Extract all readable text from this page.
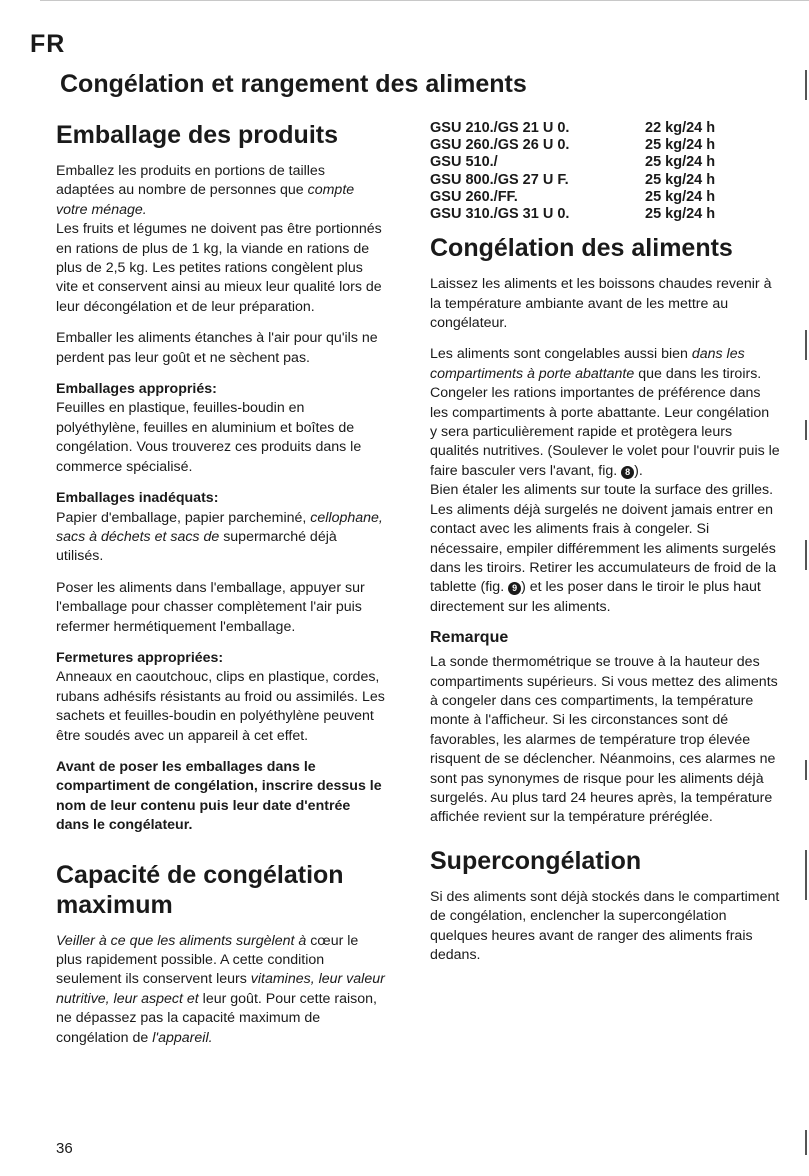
FR
Congélation et rangement des aliments
Emballage des produits

Emballez les produits en portions de tailles adaptées au nombre de personnes que compte votre ménage.
Les fruits et légumes ne doivent pas être portionnés en rations de plus de 1 kg, la viande en rations de plus de 2,5 kg. Les petites rations congèlent plus vite et conservent ainsi au mieux leur qualité lors de leur décongélation et de leur préparation.

Emballer les aliments étanches à l'air pour qu'ils ne perdent pas leur goût et ne sèchent pas.

Emballages appropriés:
Feuilles en plastique, feuilles-boudin en polyéthylène, feuilles en aluminium et boîtes de congélation. Vous trouverez ces produits dans le commerce spécialisé.

Emballages inadéquats:
Papier d'emballage, papier parcheminé, cellophane, sacs à déchets et sacs de supermarché déjà utilisés.

Poser les aliments dans l'emballage, appuyer sur l'emballage pour chasser complètement l'air puis refermer hermétiquement l'emballage.

Fermetures appropriées:
Anneaux en caoutchouc, clips en plastique, cordes, rubans adhésifs résistants au froid ou assimilés. Les sachets et feuilles-boudin en polyéthylène peuvent être soudés avec un appareil à cet effet.

Avant de poser les emballages dans le compartiment de congélation, inscrire dessus le nom de leur contenu puis leur date d'entrée dans le congélateur.

Capacité de congélation maximum

Veiller à ce que les aliments surgèlent à cœur le plus rapidement possible. A cette condition seulement ils conservent leurs vitamines, leur valeur nutritive, leur aspect et leur goût. Pour cette raison, ne dépassez pas la capacité maximum de congélation de l'appareil.

GSU 210./GS 21 U 0.	22 kg/24 h
GSU 260./GS 26 U 0.	25 kg/24 h
GSU 510./	25 kg/24 h
GSU 800./GS 27 U F.	25 kg/24 h
GSU 260./FF.	25 kg/24 h
GSU 310./GS 31 U 0.	25 kg/24 h
Congélation des aliments

Laissez les aliments et les boissons chaudes revenir à la température ambiante avant de les mettre au congélateur.

Les aliments sont congelables aussi bien dans les compartiments à porte abattante que dans les tiroirs.
Congeler les rations importantes de préférence dans les compartiments à porte abattante. Leur congélation y sera particulièrement rapide et protègera leurs qualités nutritives. (Soulever le volet pour l'ouvrir puis le faire basculer vers l'avant, fig. 8 ).
Bien étaler les aliments sur toute la surface des grilles.
Les aliments déjà surgelés ne doivent jamais entrer en contact avec les aliments frais à congeler. Si nécessaire, empiler différemment les aliments surgelés dans les tiroirs. Retirer les accumulateurs de froid de la tablette (fig. 9 ) et les poser dans le tiroir le plus haut directement sur les aliments.

Remarque

La sonde thermométrique se trouve à la hauteur des compartiments supérieurs. Si vous mettez des aliments à congeler dans ces compartiments, la température monte à l'afficheur. Si les circonstances sont dé favorables, les alarmes de température trop élevée risquent de se déclencher. Néanmoins, ces alarmes ne sont pas synonymes de risque pour les aliments déjà surgelés. Au plus tard 24 heures après, la température affichée revient sur la température préréglée.

Supercongélation

Si des aliments sont déjà stockés dans le compartiment de congélation, enclencher la supercongélation quelques heures avant de ranger des aliments frais dedans.

36
